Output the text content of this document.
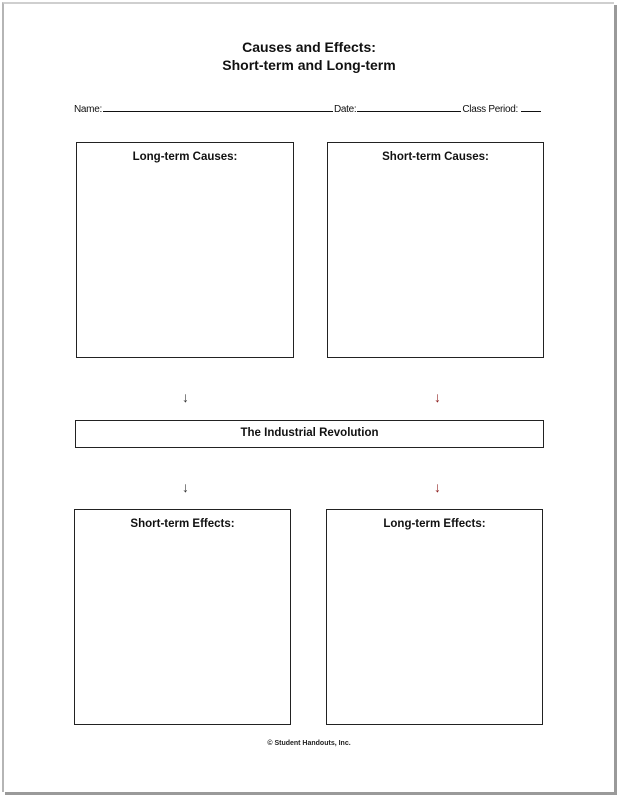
Causes and Effects:
Short-term and Long-term
Name:	Date:	Class Period:
Long-term Causes:	Short-term Causes:
↓	↓
The Industrial Revolution
↓	↓
Short-term Effects:	Long-term Effects:
© Student Handouts, Inc.
